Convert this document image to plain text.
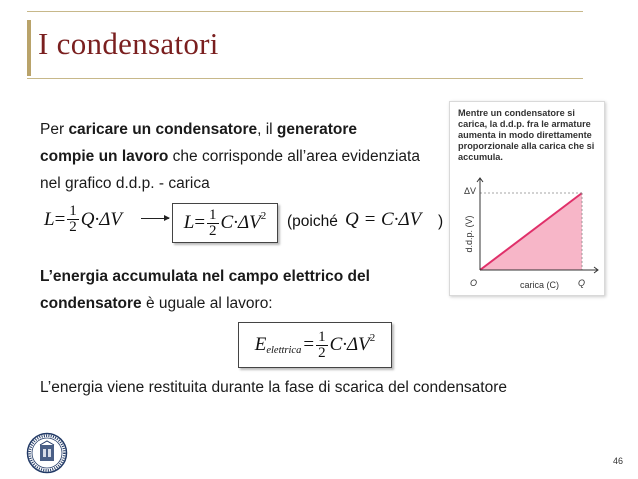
I condensatori
Per caricare un condensatore, il generatore
compie un lavoro che corrisponde all’area evidenziata nel grafico d.d.p. - carica
$L = \frac{1}{2} Q\cdot\Delta V$	$L = \frac{1}{2} C\cdot\Delta V^2$ (poiché Q = C·ΔV )
L’energia accumulata nel campo elettrico del condensatore è uguale al lavoro:
E elettrica = $\frac{1}{2} C\cdot\Delta V^2$
L’energia viene restituita durante la fase di scarica del condensatore
Mentre un condensatore si carica, la d.d.p. fra le armature aumenta in modo direttamente proporzionale alla carica che si accumula.
ΔV
O	Q
carica (C)
d.d.p. (V)
46
